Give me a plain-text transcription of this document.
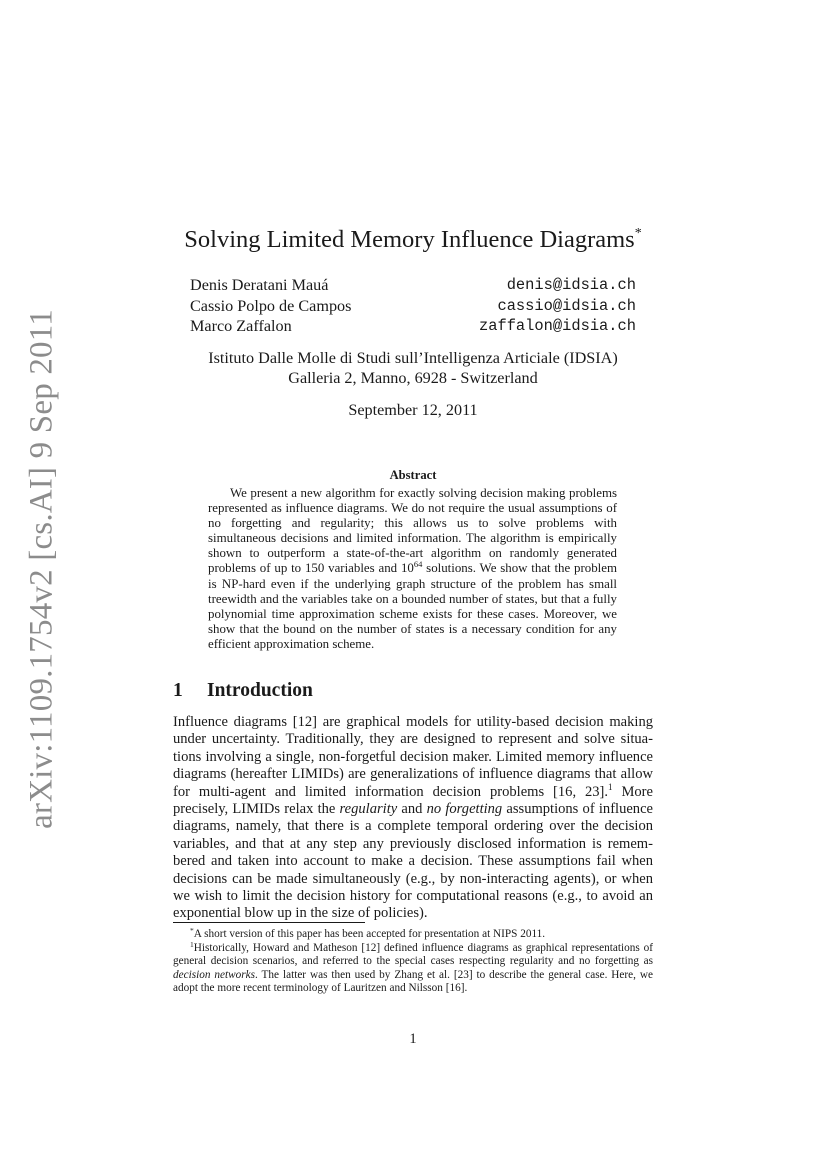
arXiv:1109.1754v2 [cs.AI] 9 Sep 2011
Solving Limited Memory Influence Diagrams*
Denis Deratani Mauá	denis@idsia.ch
Cassio Polpo de Campos	cassio@idsia.ch
Marco Zaffalon	zaffalon@idsia.ch
Istituto Dalle Molle di Studi sull’Intelligenza Articiale (IDSIA)
Galleria 2, Manno, 6928 - Switzerland
September 12, 2011
Abstract
We present a new algorithm for exactly solving decision making problems represented as influence diagrams. We do not require the usual assumptions of no forgetting and regularity; this allows us to solve problems with simultaneous decisions and limited information. The algorithm is empirically shown to outperform a state-of-the-art algorithm on randomly generated problems of up to 150 variables and $10^{64}$ solutions. We show that the problem is NP-hard even if the underlying graph structure of the problem has small treewidth and the variables take on a bounded number of states, but that a fully polynomial time approximation scheme exists for these cases. Moreover, we show that the bound on the number of states is a necessary condition for any efficient approximation scheme.
1 Introduction
Influence diagrams [12] are graphical models for utility-based decision making under uncertainty. Traditionally, they are designed to represent and solve situations involving a single, non-forgetful decision maker. Limited memory influence diagrams (hereafter LIMIDs) are generalizations of influence diagrams that allow for multi-agent and limited information decision problems [16, 23].$^1$ More precisely, LIMIDs relax the regularity and no forgetting assumptions of influence diagrams, namely, that there is a complete temporal ordering over the decision variables, and that at any step any previously disclosed information is remembered and taken into account to make a decision. These assumptions fail when decisions can be made simultaneously (e.g., by non-interacting agents), or when we wish to limit the decision history for computational reasons (e.g., to avoid an exponential blow up in the size of policies).
*A short version of this paper has been accepted for presentation at NIPS 2011.
$^1$Historically, Howard and Matheson [12] defined influence diagrams as graphical representations of general decision scenarios, and referred to the special cases respecting regularity and no forgetting as decision networks. The latter was then used by Zhang et al. [23] to describe the general case. Here, we adopt the more recent terminology of Lauritzen and Nilsson [16].
1
